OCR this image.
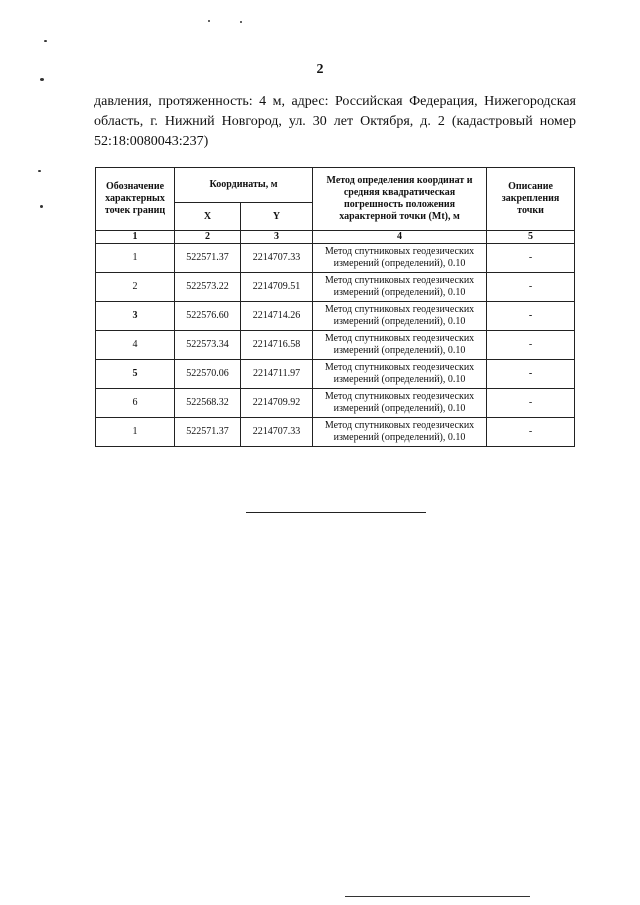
2
давления, протяженность: 4 м, адрес: Российская Федерация, Нижегородская область, г. Нижний Новгород, ул. 30 лет Октября, д. 2 (кадастровый номер 52:18:0080043:237)
Обозначение характерных точек границ	Координаты, м		Метод определения координат и средняя квадратическая погрешность положения характерной точки (Mt), м	Описание закрепления точки
	X	Y		
1	2	3	4	5
1	522571.37	2214707.33	Метод спутниковых геодезических измерений (определений), 0.10	-
2	522573.22	2214709.51	Метод спутниковых геодезических измерений (определений), 0.10	-
3	522576.60	2214714.26	Метод спутниковых геодезических измерений (определений), 0.10	-
4	522573.34	2214716.58	Метод спутниковых геодезических измерений (определений), 0.10	-
5	522570.06	2214711.97	Метод спутниковых геодезических измерений (определений), 0.10	-
6	522568.32	2214709.92	Метод спутниковых геодезических измерений (определений), 0.10	-
1	522571.37	2214707.33	Метод спутниковых геодезических измерений (определений), 0.10	-
